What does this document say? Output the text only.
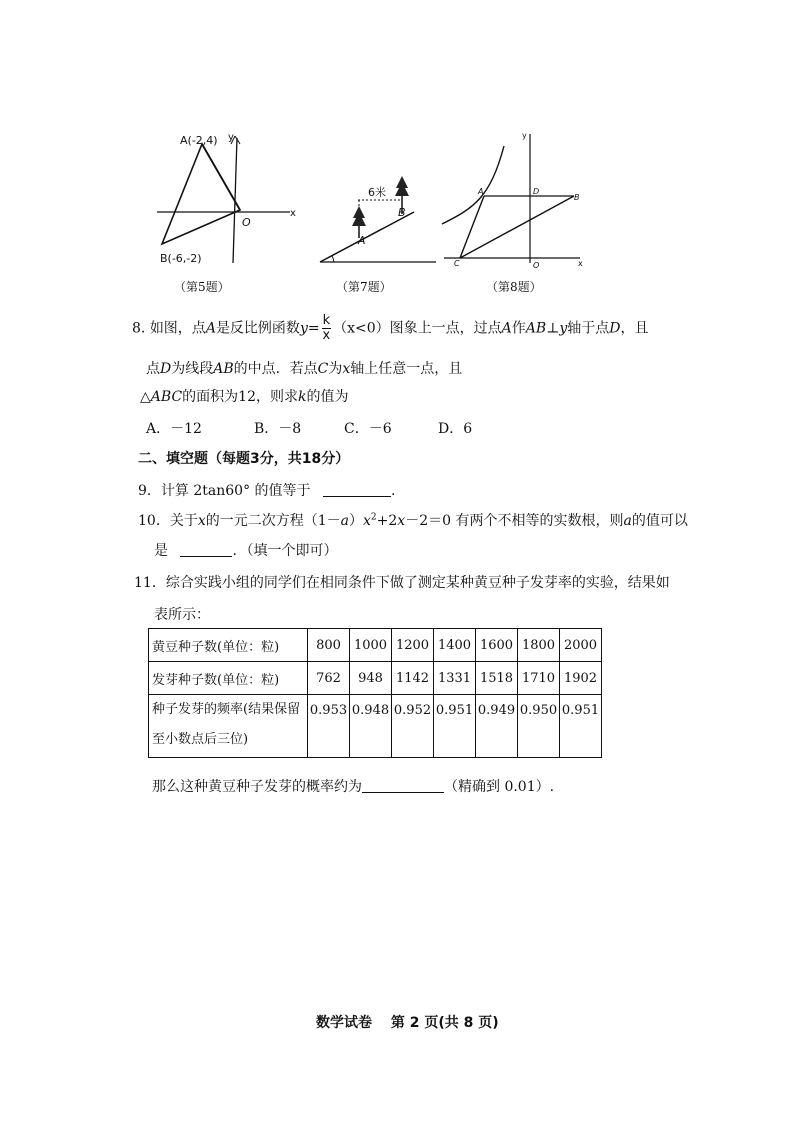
A(-2,4)
B(-6,-2)
O
x
y
（第5题）
6米
A
B
（第7题）
A
B
C
D
O	x
y
（第8题）
8. 如图，点A是反比例函数$y= \frac{k}{x} (x<0)$图象上一点，过点A作AB⊥y轴于点D，且
点D为线段AB的中点．若点C为x轴上任意一点，且
△ABC的面积为12，则求k的值为
A．－12	B．－8	C．－6	D．6
二、填空题（每题3分，共18分）
9．计算 2tan60° 的值等于	.
10．关于x的一元二次方程$(1-a)x^2+2x-2=0$ 有两个不相等的实数根，则a的值可以
是	．（填一个即可）
11．综合实践小组的同学们在相同条件下做了测定某种黄豆种子发芽率的实验，结果如
表所示：
黄豆种子数(单位：粒)	800	1000	1200	1400	1600	1800	2000
发芽种子数(单位：粒)	762	948	1142	1331	1518	1710	1902
种子发芽的频率(结果保留至小数点后三位)	0.953	0.948	0.952	0.951	0.949	0.950	0.951
那么这种黄豆种子发芽的概率约为	（精确到 0.01）.
数学试卷 第 2 页(共 8 页)
